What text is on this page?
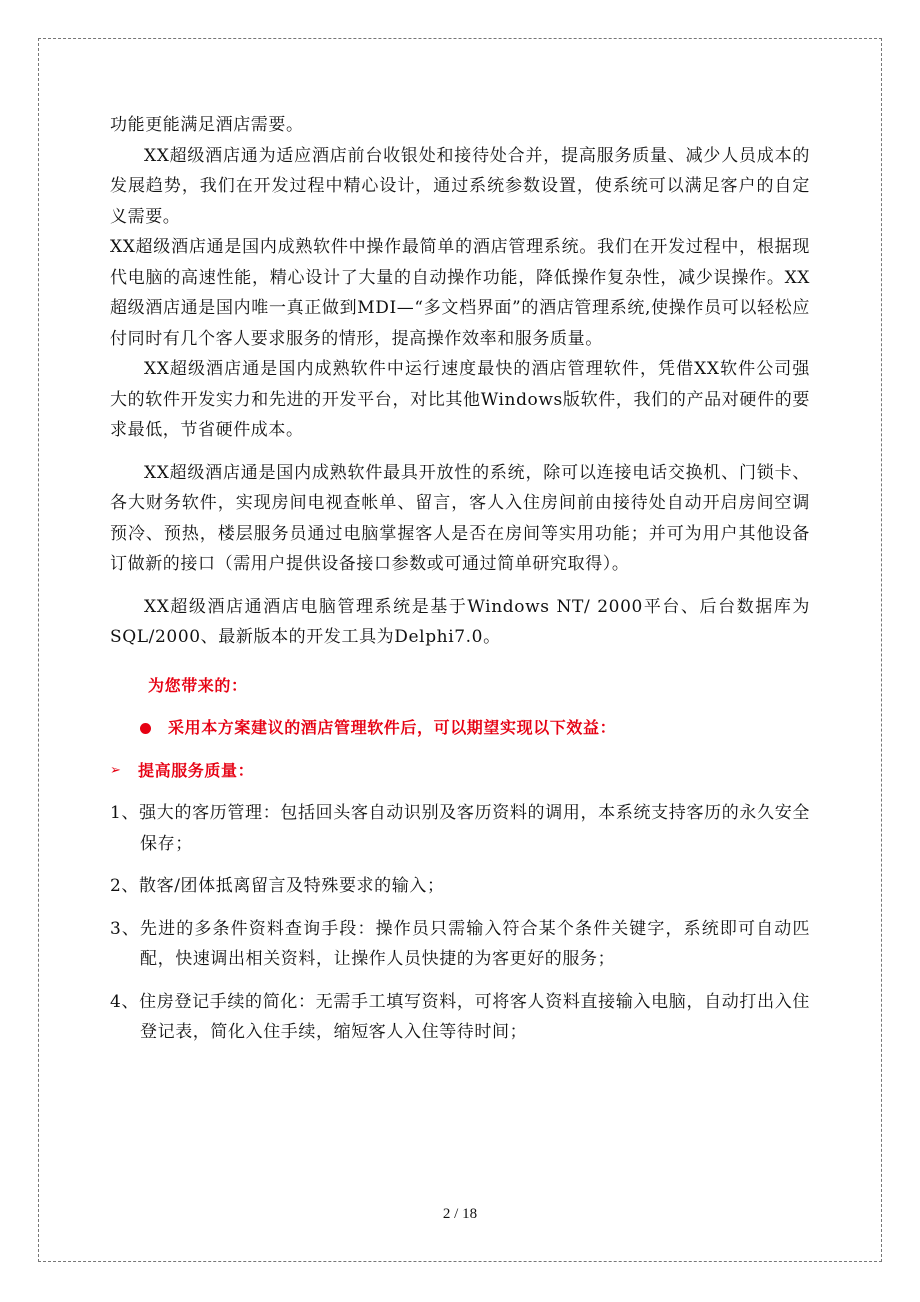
功能更能满足酒店需要。

XX超级酒店通为适应酒店前台收银处和接待处合并，提高服务质量、减少人员成本的发展趋势，我们在开发过程中精心设计，通过系统参数设置，使系统可以满足客户的自定义需要。

XX超级酒店通是国内成熟软件中操作最简单的酒店管理系统。我们在开发过程中，根据现代电脑的高速性能，精心设计了大量的自动操作功能，降低操作复杂性，减少误操作。XX超级酒店通是国内唯一真正做到MDI—“多文档界面”的酒店管理系统,使操作员可以轻松应付同时有几个客人要求服务的情形，提高操作效率和服务质量。

XX超级酒店通是国内成熟软件中运行速度最快的酒店管理软件，凭借XX软件公司强大的软件开发实力和先进的开发平台，对比其他Windows版软件，我们的产品对硬件的要求最低，节省硬件成本。

XX超级酒店通是国内成熟软件最具开放性的系统，除可以连接电话交换机、门锁卡、各大财务软件，实现房间电视查帐单、留言，客人入住房间前由接待处自动开启房间空调预冷、预热，楼层服务员通过电脑掌握客人是否在房间等实用功能；并可为用户其他设备订做新的接口（需用户提供设备接口参数或可通过简单研究取得）。

XX超级酒店通酒店电脑管理系统是基于Windows NT/ 2000平台、后台数据库为SQL/2000、最新版本的开发工具为Delphi7.0。

为您带来的：

采用本方案建议的酒店管理软件后，可以期望实现以下效益：

➢	提高服务质量：

1、强大的客历管理：包括回头客自动识别及客历资料的调用，本系统支持客历的永久安全保存；

2、散客/团体抵离留言及特殊要求的输入；

3、先进的多条件资料查询手段：操作员只需输入符合某个条件关键字，系统即可自动匹配，快速调出相关资料，让操作人员快捷的为客更好的服务；

4、住房登记手续的简化：无需手工填写资料，可将客人资料直接输入电脑，自动打出入住登记表，简化入住手续，缩短客人入住等待时间；

2 / 18
